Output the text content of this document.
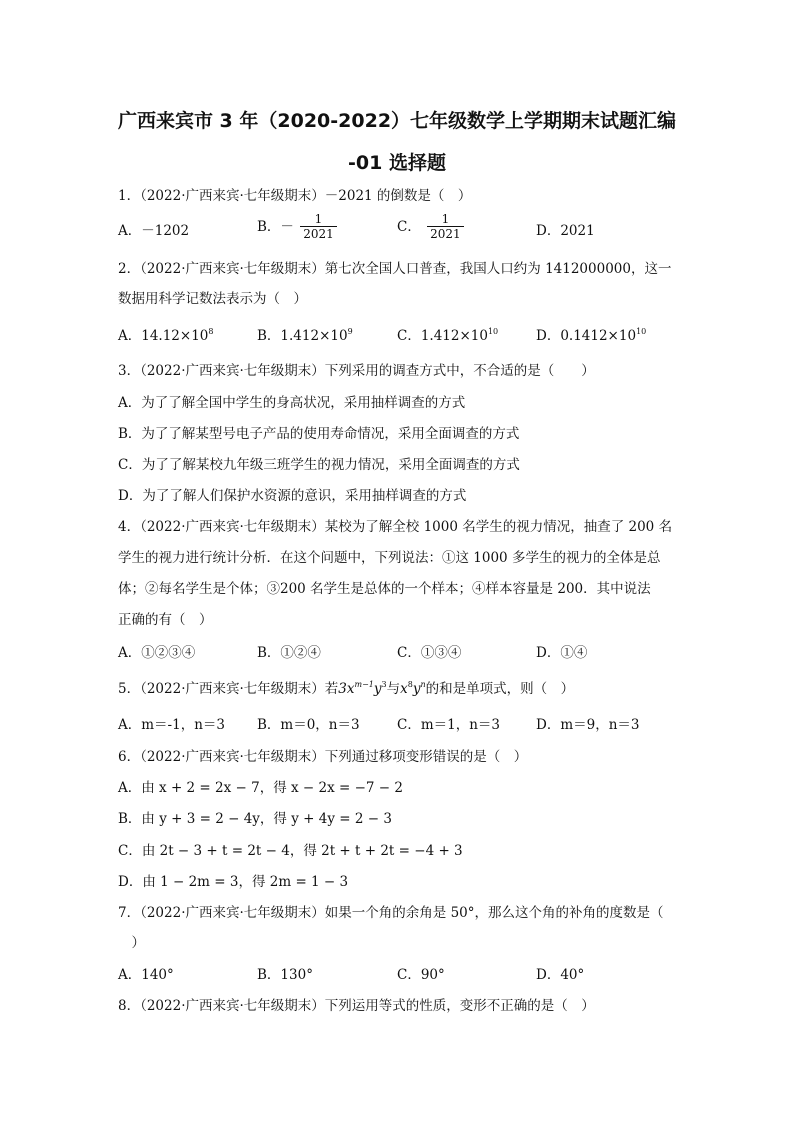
广西来宾市 3 年（2020-2022）七年级数学上学期期末试题汇编
-01 选择题
1．（2022·广西来宾·七年级期末）－2021 的倒数是（　）
A．－1202	B．－ $\frac{1}{2021}$	C． $\frac{1}{2021}$	D．2021
2．（2022·广西来宾·七年级期末）第七次全国人口普查，我国人口约为 1412000000，这一
数据用科学记数法表示为（　）
A．$14.12\times 10^8$	B．$1.412\times 10^9$	C．$1.412\times 10^{10}$	D．$0.1412\times 10^{10}$
3．（2022·广西来宾·七年级期末）下列采用的调查方式中，不合适的是（　　）
A．为了了解全国中学生的身高状况，采用抽样调查的方式
B．为了了解某型号电子产品的使用寿命情况，采用全面调查的方式
C．为了了解某校九年级三班学生的视力情况，采用全面调查的方式
D．为了了解人们保护水资源的意识，采用抽样调查的方式
4．（2022·广西来宾·七年级期末）某校为了解全校 1000 名学生的视力情况，抽查了 200 名
学生的视力进行统计分析．在这个问题中，下列说法：①这 1000 多学生的视力的全体是总
体；②每名学生是个体；③200 名学生是总体的一个样本；④样本容量是 200．其中说法
正确的有（　）
A．①②③④	B．①②④	C．①③④	D．①④
5．（2022·广西来宾·七年级期末）若$3x^{m-1}y^3$与$x^8y^n$的和是单项式，则（　）
A．m＝-1，n＝3 B．m＝0，n＝3	C．m＝1，n＝3	D．m＝9，n＝3
6．（2022·广西来宾·七年级期末）下列通过移项变形错误的是（　）
A．由 x + 2 = 2x − 7，得 x − 2x = −7 − 2
B．由 y + 3 = 2 − 4y，得 y + 4y = 2 − 3
C．由 2t − 3 + t = 2t − 4，得 2t + t + 2t = −4 + 3
D．由 1 − 2m = 3，得 2m = 1 − 3
7．（2022·广西来宾·七年级期末）如果一个角的余角是 50°，那么这个角的补角的度数是（
　）
A．140°	B．130°	C．90°	D．40°
8．（2022·广西来宾·七年级期末）下列运用等式的性质，变形不正确的是（　）
